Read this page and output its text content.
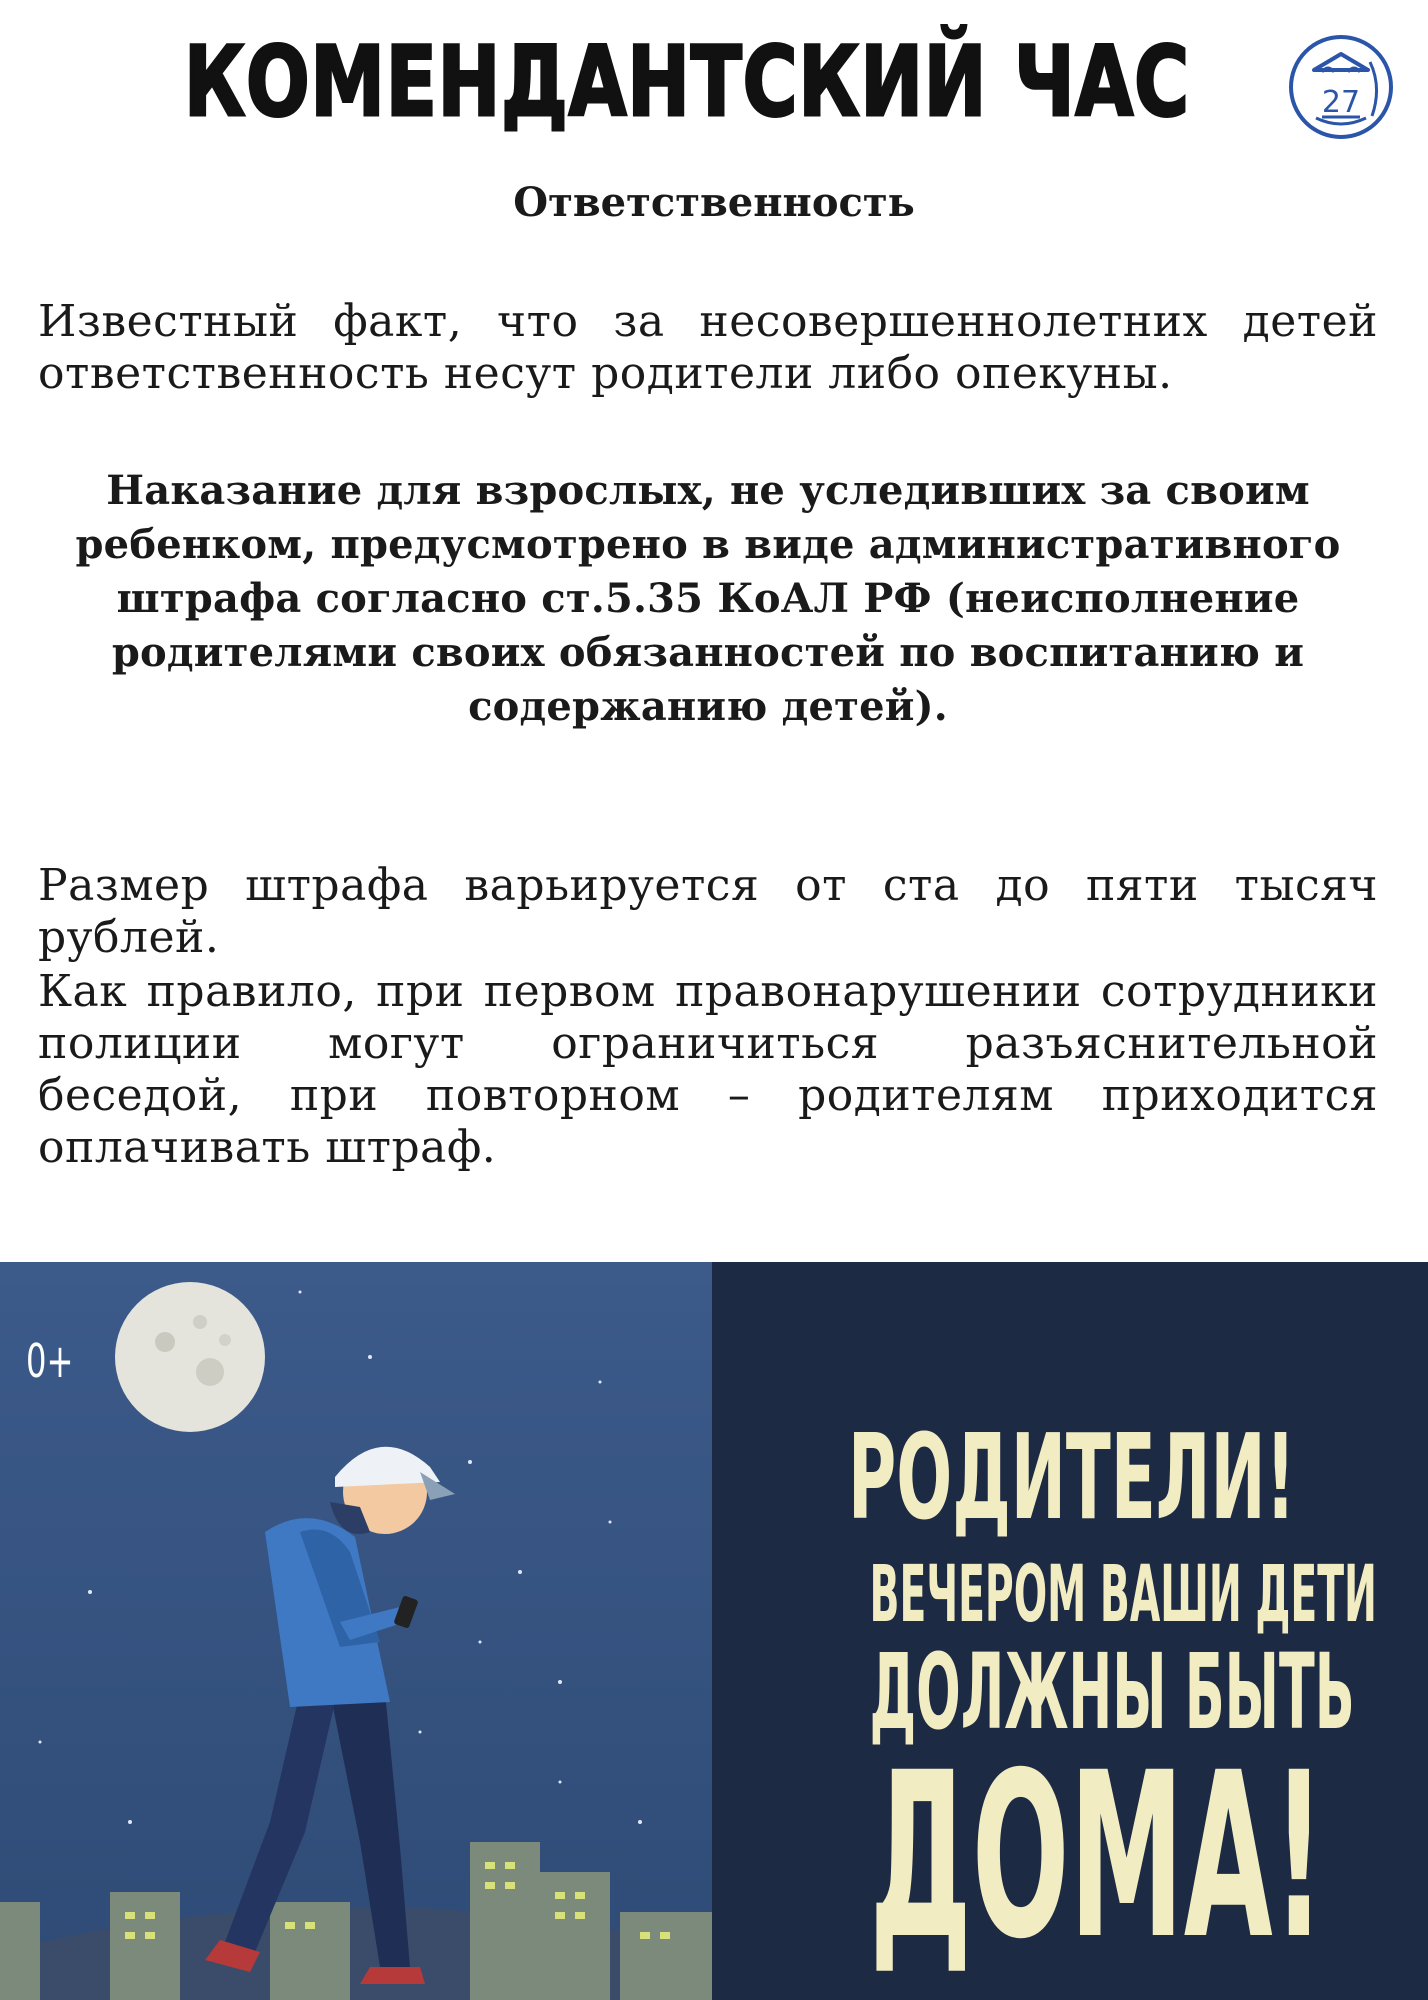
КОМЕНДАНТСКИЙ ЧАС	27
Ответственность

Известный факт, что за несовершеннолетних детей ответственность несут родители либо опекуны.

Наказание для взрослых, не уследивших за своим ребенком, предусмотрено в виде административного штрафа согласно ст.5.35 КоАЛ РФ (неисполнение родителями своих обязанностей по воспитанию и содержанию детей).

Размер штрафа варьируется от ста до пяти тысяч рублей.

Как правило, при первом правонарушении сотрудники полиции могут ограничиться разъяснительной беседой, при повторном – родителям приходится оплачивать штраф.

0+
РОДИТЕЛИ!
ВЕЧЕРОМ ВАШИ ДЕТИ
ДОЛЖНЫ БЫТЬ
ДОМА!
